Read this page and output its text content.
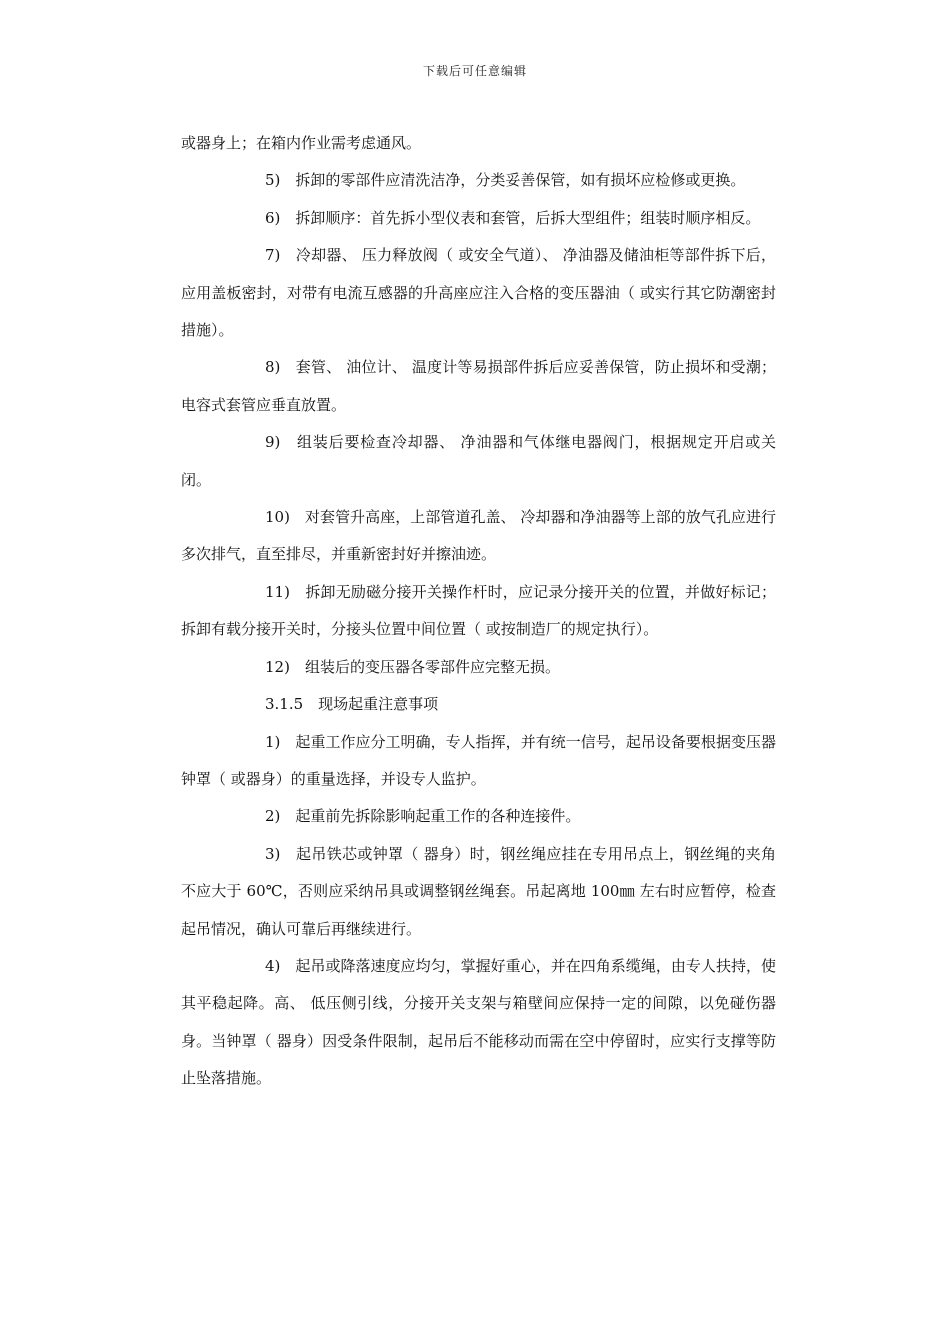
下载后可任意编辑

或器身上；在箱内作业需考虑通风。

5)　拆卸的零部件应清洗洁净，分类妥善保管，如有损坏应检修或更换。

6)　拆卸顺序：首先拆小型仪表和套管，后拆大型组件；组装时顺序相反。

7)　冷却器、 压力释放阀（ 或安全气道）、 净油器及储油柜等部件拆下后，应用盖板密封，对带有电流互感器的升高座应注入合格的变压器油（ 或实行其它防潮密封措施）。

8)　套管、 油位计、 温度计等易损部件拆后应妥善保管，防止损坏和受潮；电容式套管应垂直放置。

9)　组装后要检查冷却器、 净油器和气体继电器阀门，根据规定开启或关闭。

10)　对套管升高座，上部管道孔盖、 冷却器和净油器等上部的放气孔应进行多次排气，直至排尽，并重新密封好并擦油迹。

11)　拆卸无励磁分接开关操作杆时，应记录分接开关的位置，并做好标记；拆卸有载分接开关时，分接头位置中间位置（ 或按制造厂的规定执行）。

12)　组装后的变压器各零部件应完整无损。

3.1.5　现场起重注意事项

1)　起重工作应分工明确，专人指挥，并有统一信号，起吊设备要根据变压器钟罩（ 或器身）的重量选择，并设专人监护。

2)　起重前先拆除影响起重工作的各种连接件。

3)　起吊铁芯或钟罩（ 器身）时，钢丝绳应挂在专用吊点上，钢丝绳的夹角不应大于 60℃，否则应采纳吊具或调整钢丝绳套。吊起离地 100㎜ 左右时应暂停，检查起吊情况，确认可靠后再继续进行。

4)　起吊或降落速度应均匀，掌握好重心，并在四角系缆绳，由专人扶持，使其平稳起降。高、 低压侧引线，分接开关支架与箱壁间应保持一定的间隙，以免碰伤器身。当钟罩（ 器身）因受条件限制，起吊后不能移动而需在空中停留时，应实行支撑等防止坠落措施。
